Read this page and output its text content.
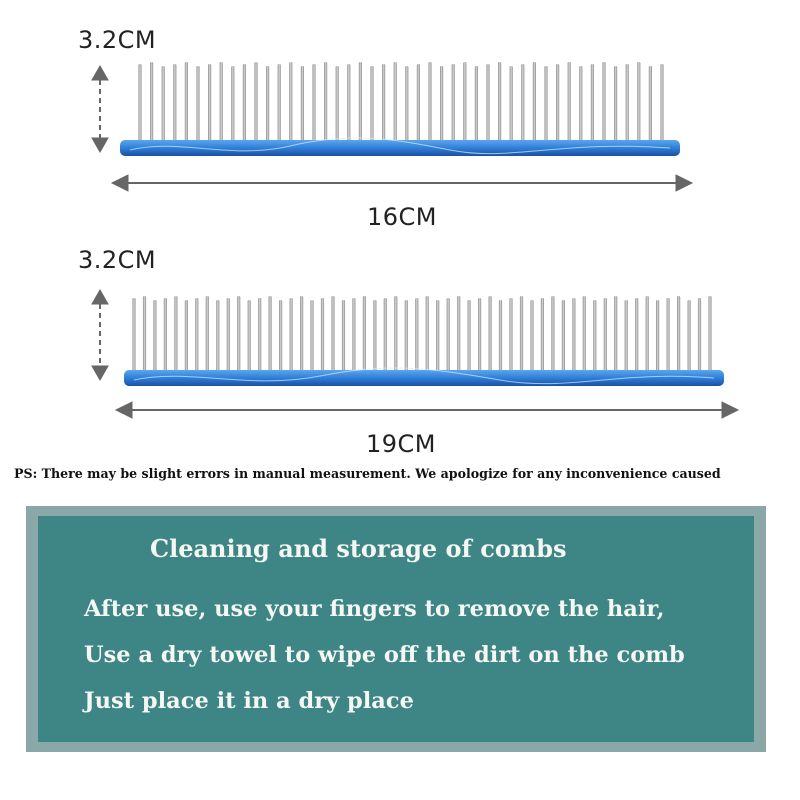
3.2CM
16CM
3.2CM
19CM
PS: There may be slight errors in manual measurement. We apologize for any inconvenience caused
Cleaning and storage of combs
After use, use your fingers to remove the hair,
Use a dry towel to wipe off the dirt on the comb
Just place it in a dry place
